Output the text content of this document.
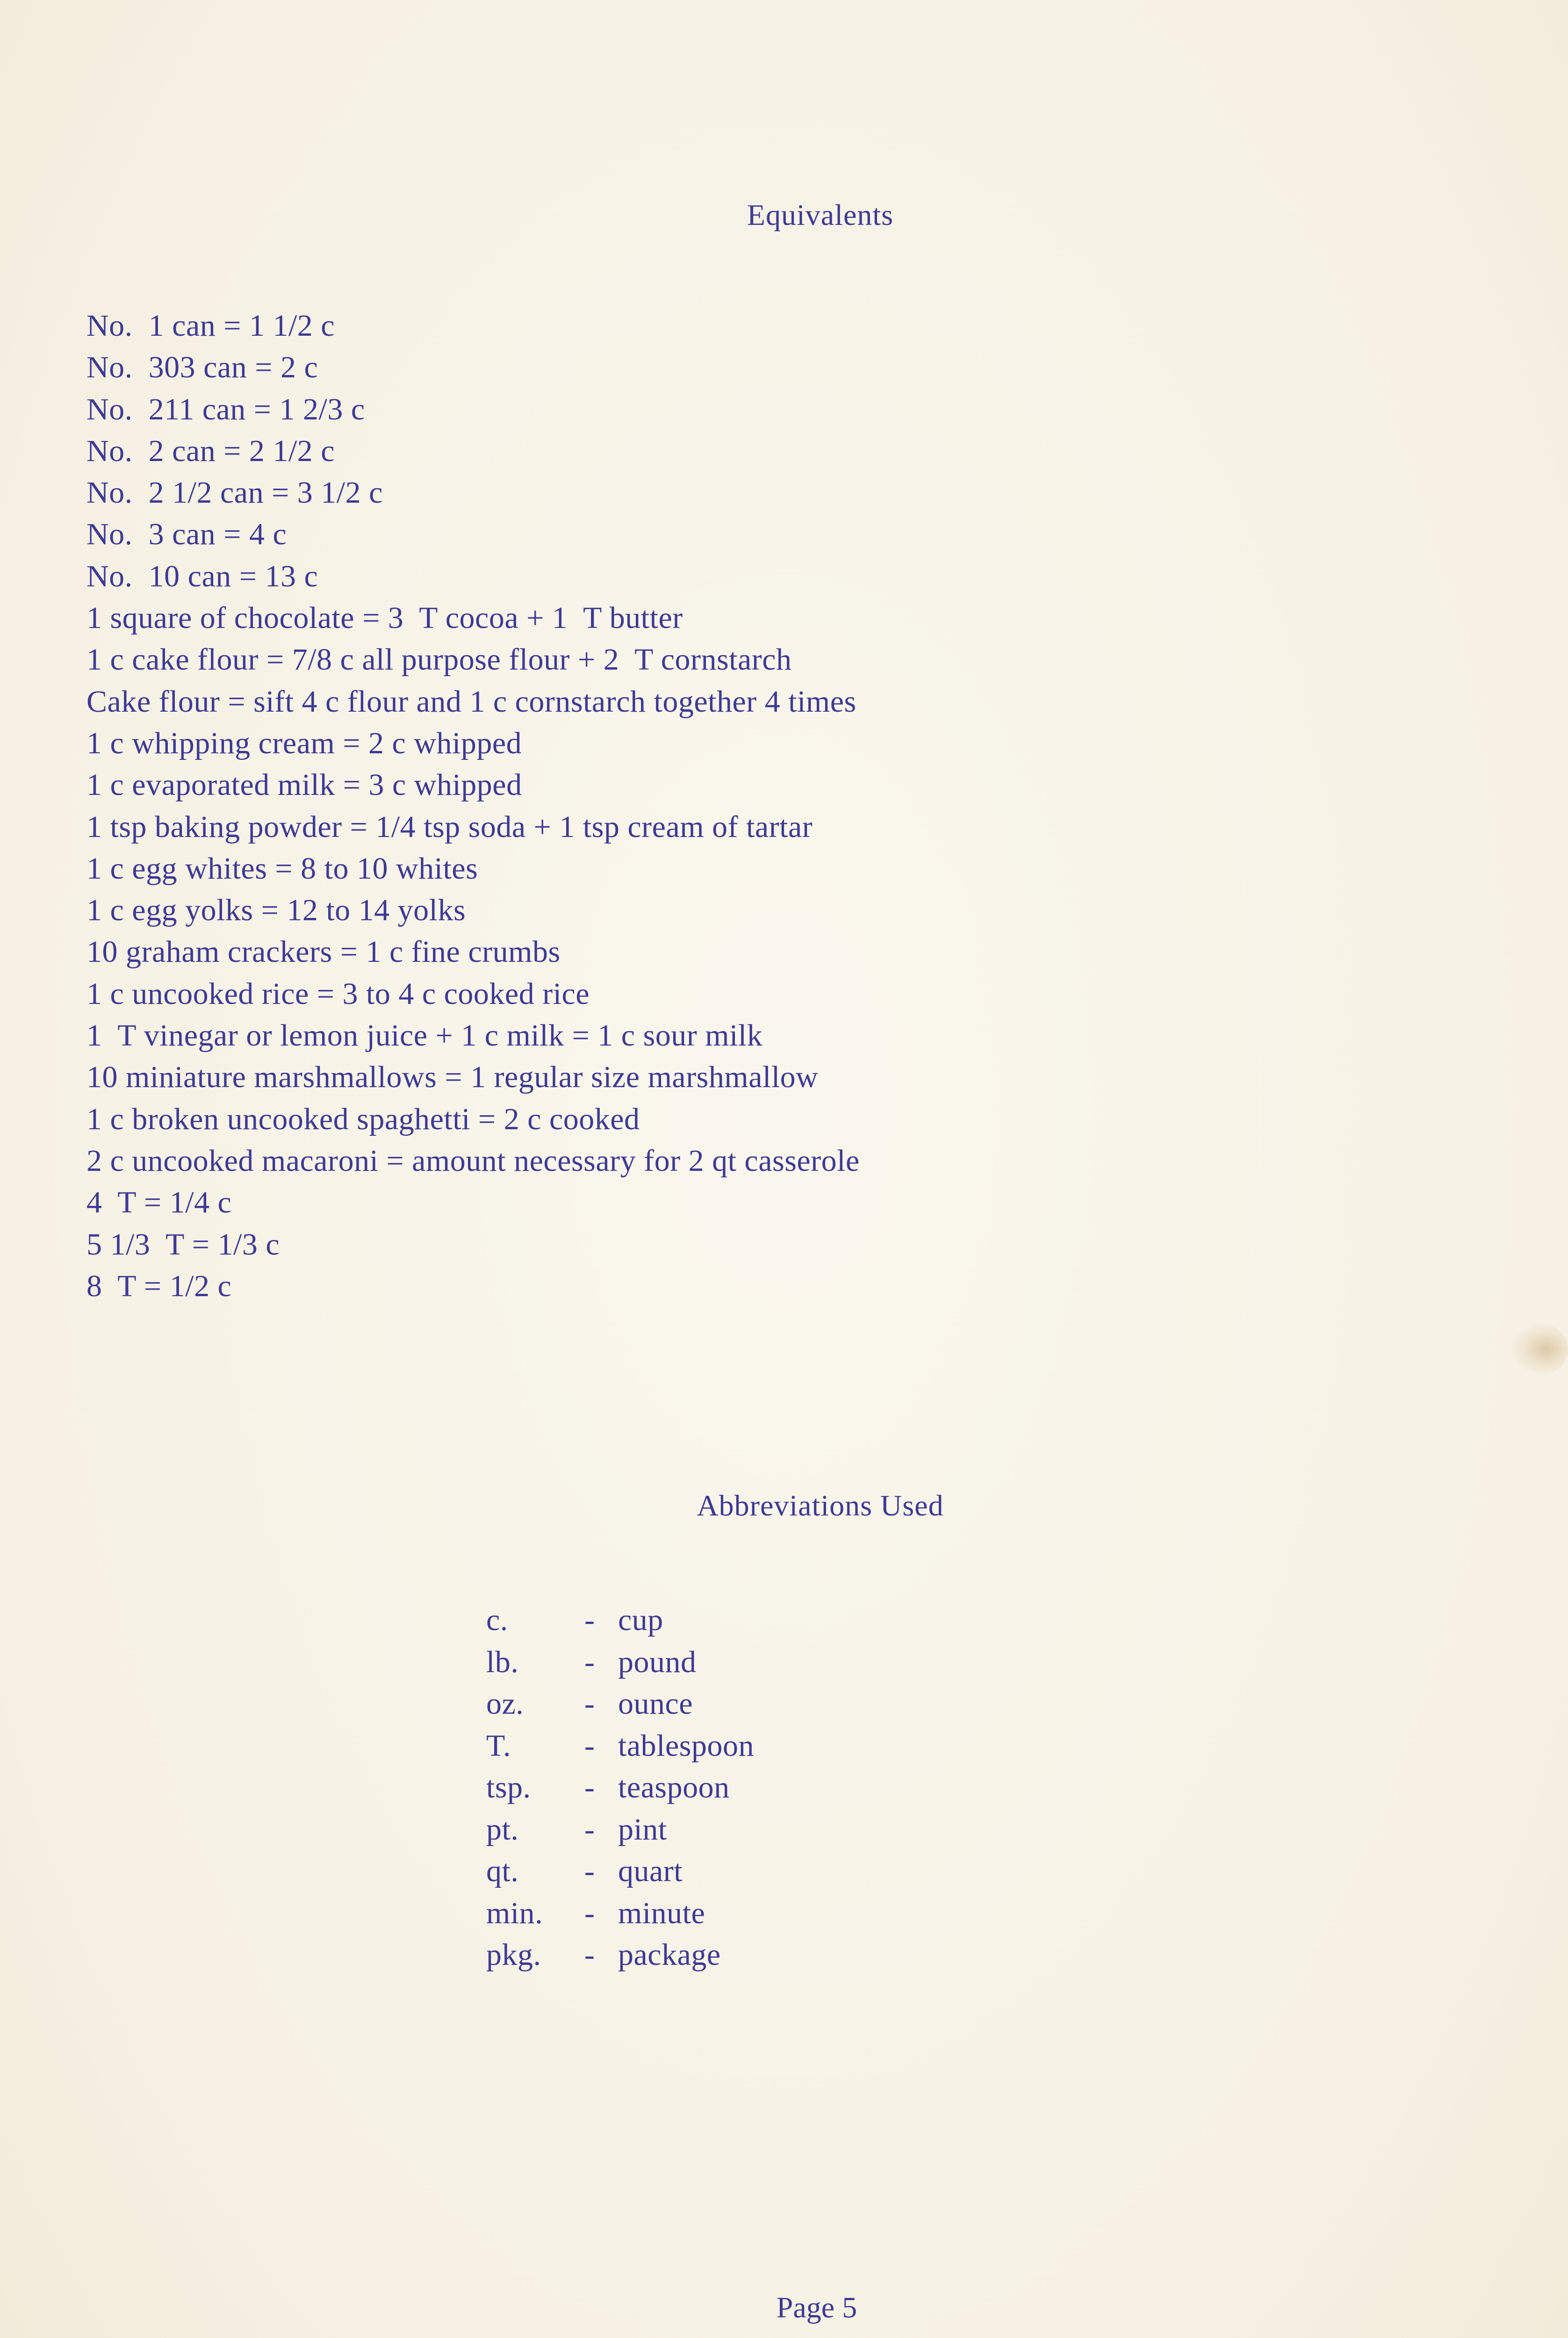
Equivalents
No.  1 can = 1 1/2 c
No.  303 can = 2 c
No.  211 can = 1 2/3 c
No.  2 can = 2 1/2 c
No.  2 1/2 can = 3 1/2 c
No.  3 can = 4 c
No.  10 can = 13 c
1 square of chocolate = 3  T cocoa + 1  T butter
1 c cake flour = 7/8 c all purpose flour + 2  T cornstarch
Cake flour = sift 4 c flour and 1 c cornstarch together 4 times
1 c whipping cream = 2 c whipped
1 c evaporated milk = 3 c whipped
1 tsp baking powder = 1/4 tsp soda + 1 tsp cream of tartar
1 c egg whites = 8 to 10 whites
1 c egg yolks = 12 to 14 yolks
10 graham crackers = 1 c fine crumbs
1 c uncooked rice = 3 to 4 c cooked rice
1  T vinegar or lemon juice + 1 c milk = 1 c sour milk
10 miniature marshmallows = 1 regular size marshmallow
1 c broken uncooked spaghetti = 2 c cooked
2 c uncooked macaroni = amount necessary for 2 qt casserole
4  T = 1/4 c
5 1/3  T = 1/3 c
8  T = 1/2 c
Abbreviations Used
c.	-	cup
lb.	-	pound
oz.	-	ounce
T.	-	tablespoon
tsp.	-	teaspoon
pt.	-	pint
qt.	-	quart
min.	-	minute
pkg.	-	package
Page 5
